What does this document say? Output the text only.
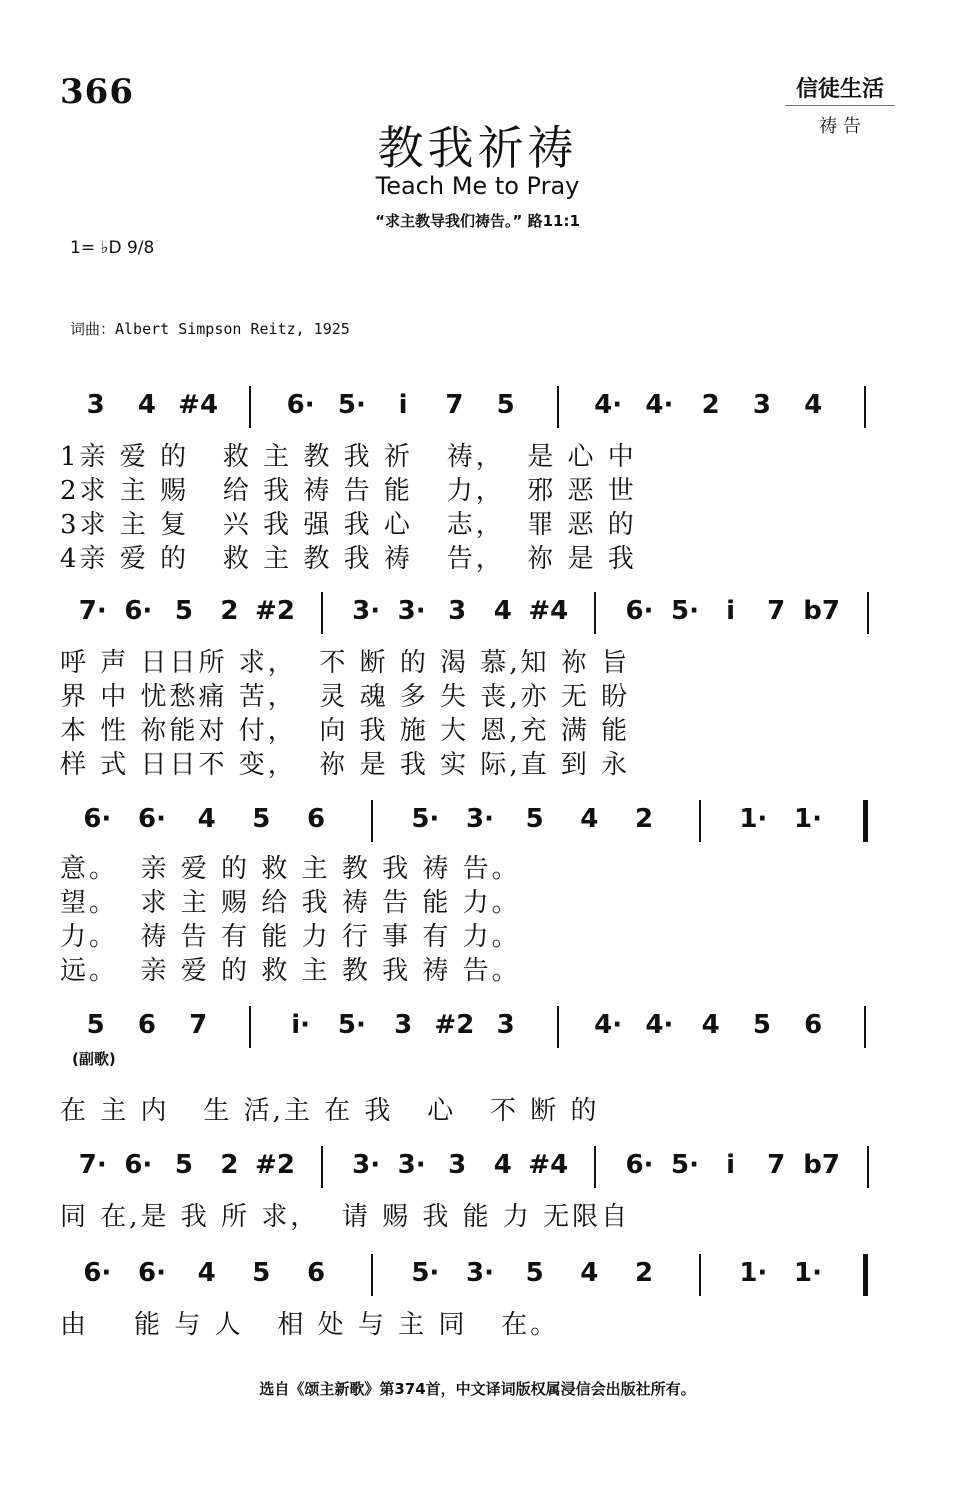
366	信徒生活
祷 告
教我祈祷
Teach Me to Pray
“求主教导我们祷告。” 路11:1
1= ♭D 9/8
词曲：Albert Simpson Reitz, 1925
(副歌)
选自《颂主新歌》第374首，中文译词版权属浸信会出版社所有。
3	4 #4	6· 5·	i	7	5	4· 4·	2	3	4
1亲 爱 的   救 主 教 我 祈   祷，  是 心 中
2求 主 赐   给 我 祷 告 能   力，  邪 恶 世
3求 主 复   兴 我 强 我 心   志，  罪 恶 的
4亲 爱 的   救 主 教 我 祷   告，  祢 是 我
7· 6· 5	2 #2 3· 3· 3	4 #4 6· 5·	i	7 b7
呼 声 日日所 求，  不 断 的 渴 慕,知 祢 旨
界 中 忧愁痛 苦，  灵 魂 多 失 丧,亦 无 盼
本 性 祢能对 付，  向 我 施 大 恩,充 满 能
样 式 日日不 变，  祢 是 我 实 际,直 到 永
6· 6·	4	5	6	5· 3·	5	4	2	1· 1·
意。  亲 爱 的 救 主 教 我 祷 告。
望。  求 主 赐 给 我 祷 告 能 力。
力。  祷 告 有 能 力 行 事 有 力。
远。  亲 爱 的 救 主 教 我 祷 告。
5	6	7	i·	5·	3 #2 3	4· 4·	4	5	6
在 主 内   生 活,主 在 我   心   不 断 的
7· 6· 5	2 #2 3· 3· 3	4 #4 6· 5·	i	7 b7
同 在,是 我 所 求，  请 赐 我 能 力 无限自
6· 6·	4	5	6	5· 3·	5	4	2	1· 1·
由    能 与 人   相 处 与 主 同   在。
